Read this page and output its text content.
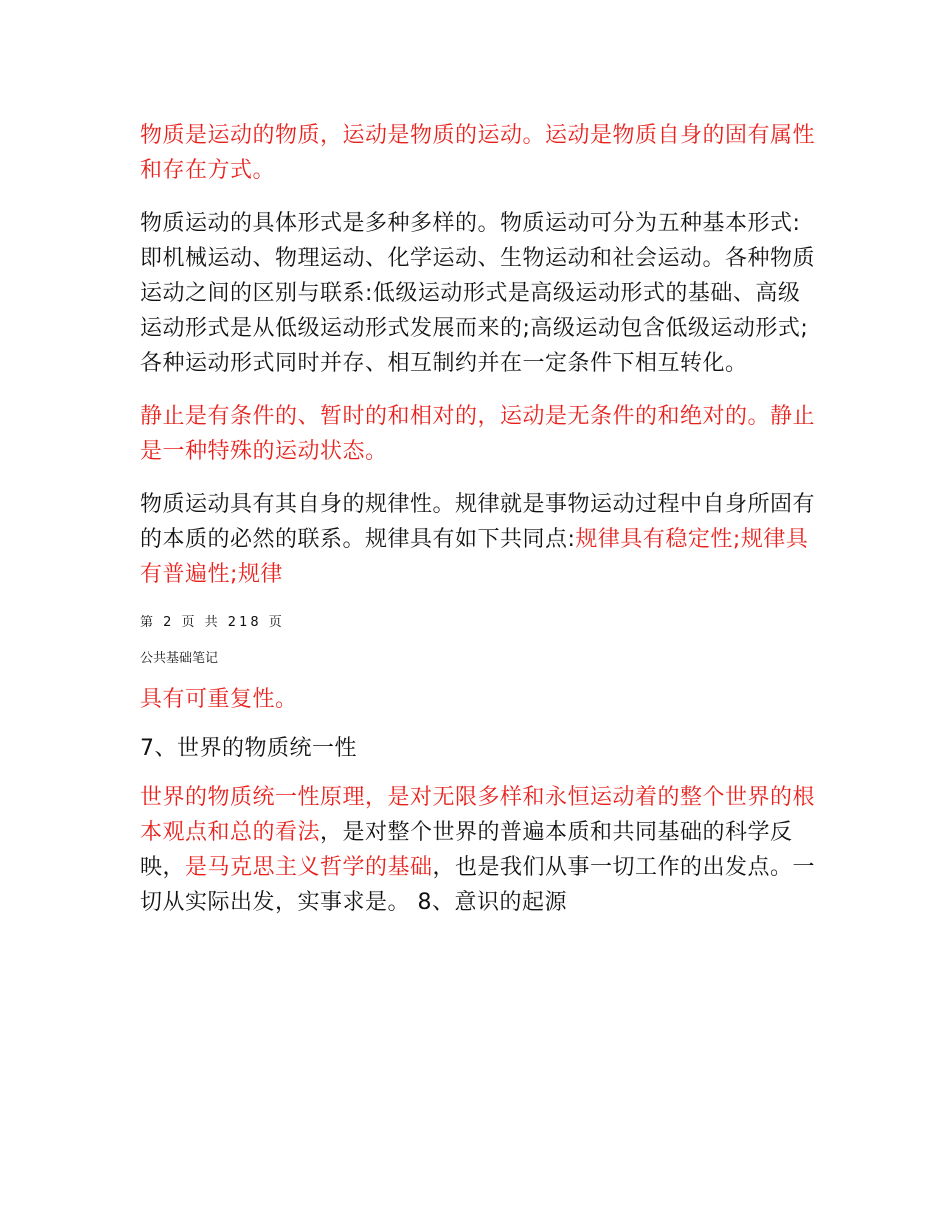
物质是运动的物质，运动是物质的运动。运动是物质自身的固有属性和存在方式。

物质运动的具体形式是多种多样的。物质运动可分为五种基本形式:即机械运动、物理运动、化学运动、生物运动和社会运动。各种物质运动之间的区别与联系:低级运动形式是高级运动形式的基础、高级运动形式是从低级运动形式发展而来的;高级运动包含低级运动形式;各种运动形式同时并存、相互制约并在一定条件下相互转化。

静止是有条件的、暂时的和相对的，运动是无条件的和绝对的。静止是一种特殊的运动状态。

物质运动具有其自身的规律性。规律就是事物运动过程中自身所固有的本质的必然的联系。规律具有如下共同点:规律具有稳定性;规律具有普遍性;规律

第 2 页 共 218 页
公共基础笔记

具有可重复性。

7、世界的物质统一性

世界的物质统一性原理，是对无限多样和永恒运动着的整个世界的根本观点和总的看法，是对整个世界的普遍本质和共同基础的科学反映，是马克思主义哲学的基础，也是我们从事一切工作的出发点。一切从实际出发，实事求是。 8、意识的起源
